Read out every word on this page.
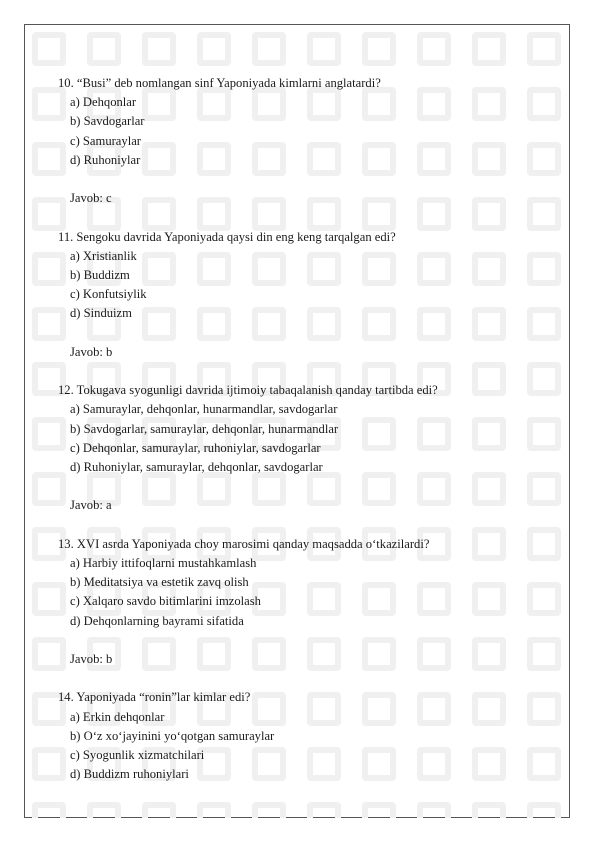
10. “Busi” deb nomlangan sinf Yaponiyada kimlarni anglatardi?
a) Dehqonlar
b) Savdogarlar
c) Samuraylar
d) Ruhoniylar
Javob: c
11. Sengoku davrida Yaponiyada qaysi din eng keng tarqalgan edi?
a) Xristianlik
b) Buddizm
c) Konfutsiylik
d) Sinduizm
Javob: b
12. Tokugava syogunligi davrida ijtimoiy tabaqalanish qanday tartibda edi?
a) Samuraylar, dehqonlar, hunarmandlar, savdogarlar
b) Savdogarlar, samuraylar, dehqonlar, hunarmandlar
c) Dehqonlar, samuraylar, ruhoniylar, savdogarlar
d) Ruhoniylar, samuraylar, dehqonlar, savdogarlar
Javob: a
13. XVI asrda Yaponiyada choy marosimi qanday maqsadda o‘tkazilardi?
a) Harbiy ittifoqlarni mustahkamlash
b) Meditatsiya va estetik zavq olish
c) Xalqaro savdo bitimlarini imzolash
d) Dehqonlarning bayrami sifatida
Javob: b
14. Yaponiyada “ronin”lar kimlar edi?
a) Erkin dehqonlar
b) O‘z xo‘jayinini yo‘qotgan samuraylar
c) Syogunlik xizmatchilari
d) Buddizm ruhoniylari
